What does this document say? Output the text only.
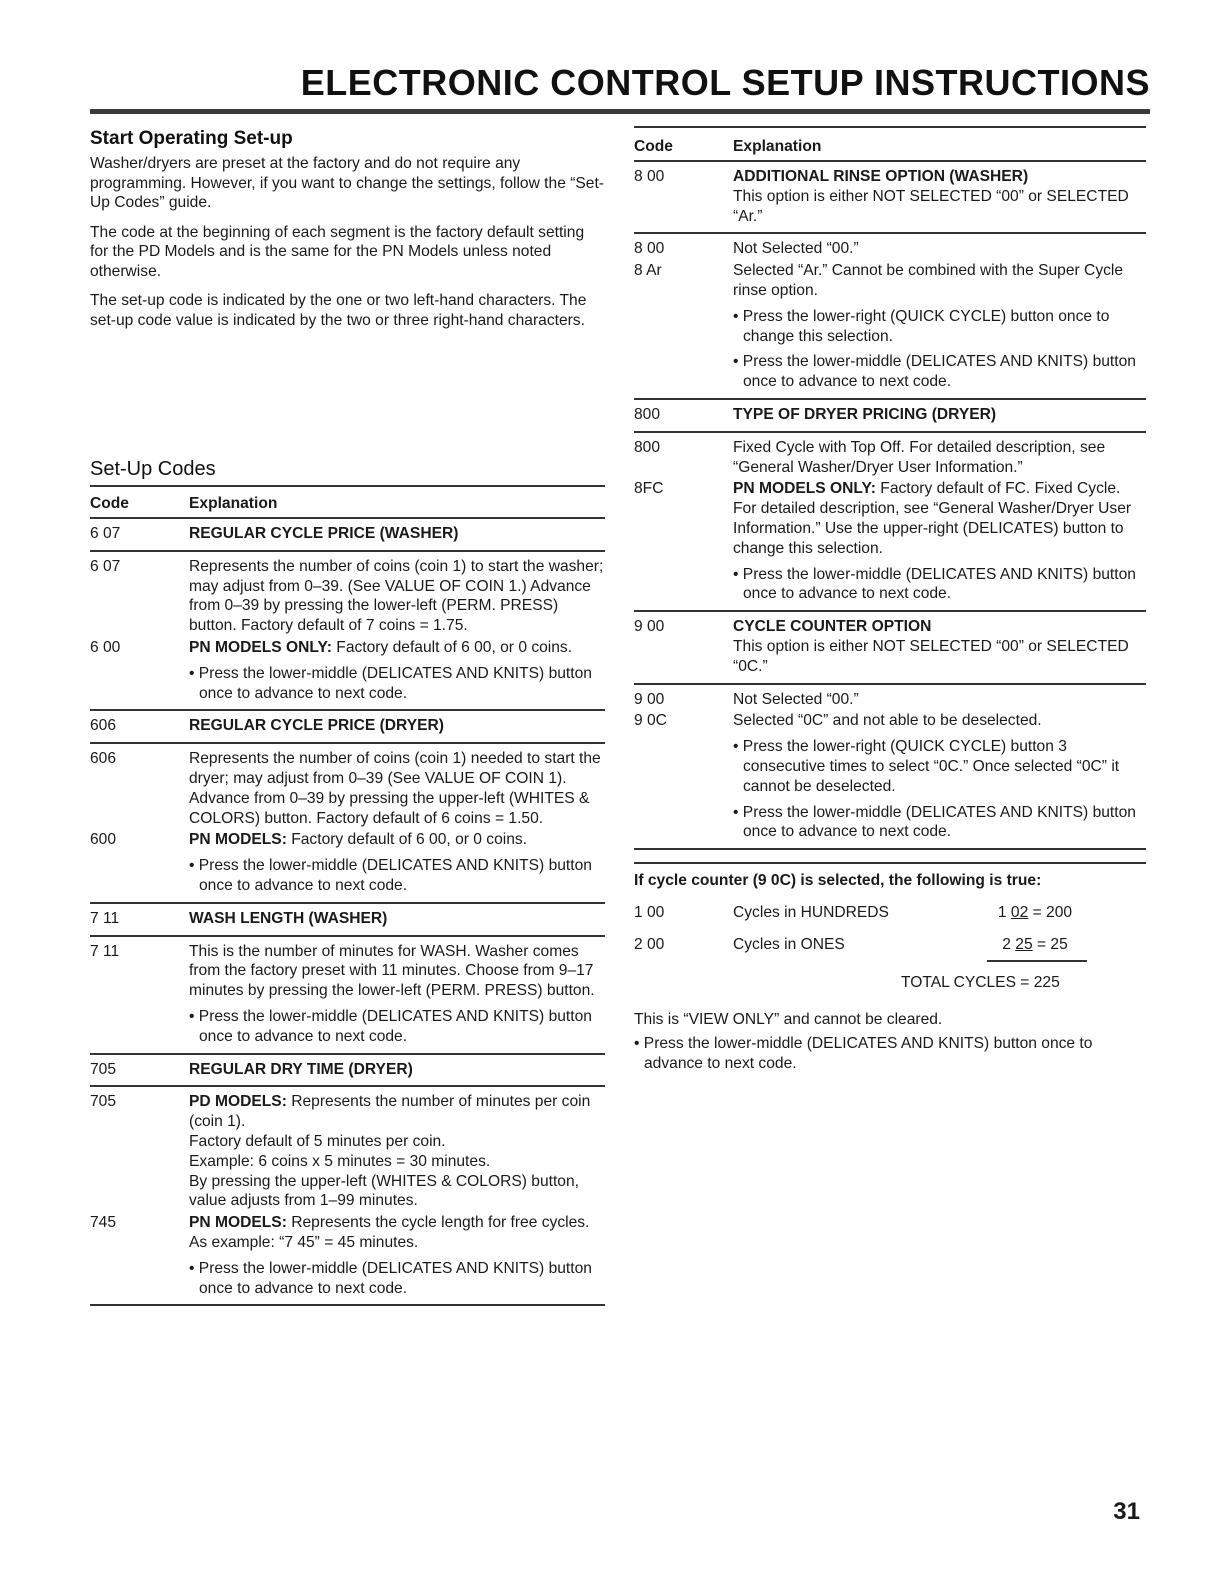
ELECTRONIC CONTROL SETUP INSTRUCTIONS
Start Operating Set-up

Washer/dryers are preset at the factory and do not require any programming. However, if you want to change the settings, follow the “Set-Up Codes” guide.

The code at the beginning of each segment is the factory default setting for the PD Models and is the same for the PN Models unless noted otherwise.

The set-up code is indicated by the one or two left-hand characters. The set-up code value is indicated by the two or three right-hand characters.

Set-Up Codes
Code	Explanation
6 07	REGULAR CYCLE PRICE (WASHER)
6 07	Represents the number of coins (coin 1) to start the washer; may adjust from 0–39. (See VALUE OF COIN 1.) Advance from 0–39 by pressing the lower-left (PERM. PRESS) button. Factory default of 7 coins = 1.75.
6 00	PN MODELS ONLY: Factory default of 6 00, or 0 coins.
• Press the lower-middle (DELICATES AND KNITS) button once to advance to next code.
606	REGULAR CYCLE PRICE (DRYER)
606	Represents the number of coins (coin 1) needed to start the dryer; may adjust from 0–39 (See VALUE OF COIN 1). Advance from 0–39 by pressing the upper-left (WHITES & COLORS) button. Factory default of 6 coins = 1.50.
600	PN MODELS: Factory default of 6 00, or 0 coins.
• Press the lower-middle (DELICATES AND KNITS) button once to advance to next code.
7 11	WASH LENGTH (WASHER)
7 11	This is the number of minutes for WASH. Washer comes from the factory preset with 11 minutes. Choose from 9–17 minutes by pressing the lower-left (PERM. PRESS) button.
• Press the lower-middle (DELICATES AND KNITS) button once to advance to next code.
705	REGULAR DRY TIME (DRYER)
705	PD MODELS: Represents the number of minutes per coin (coin 1).
Factory default of 5 minutes per coin.
Example: 6 coins x 5 minutes = 30 minutes.
By pressing the upper-left (WHITES & COLORS) button, value adjusts from 1–99 minutes.
745	PN MODELS: Represents the cycle length for free cycles. As example: “7 45” = 45 minutes.
• Press the lower-middle (DELICATES AND KNITS) button once to advance to next code.
Code	Explanation
8 00	ADDITIONAL RINSE OPTION (WASHER)
This option is either NOT SELECTED “00” or SELECTED “Ar.”
8 00	Not Selected “00.”
8 Ar	Selected “Ar.” Cannot be combined with the Super Cycle rinse option.
• Press the lower-right (QUICK CYCLE) button once to change this selection.
• Press the lower-middle (DELICATES AND KNITS) button once to advance to next code.
800	TYPE OF DRYER PRICING (DRYER)
800	Fixed Cycle with Top Off. For detailed description, see “General Washer/Dryer User Information.”
8FC	PN MODELS ONLY: Factory default of FC. Fixed Cycle. For detailed description, see “General Washer/Dryer User Information.” Use the upper-right (DELICATES) button to change this selection.
• Press the lower-middle (DELICATES AND KNITS) button once to advance to next code.
9 00	CYCLE COUNTER OPTION
This option is either NOT SELECTED “00” or SELECTED “0C.”
9 00	Not Selected “00.”
9 0C	Selected “0C” and not able to be deselected.
• Press the lower-right (QUICK CYCLE) button 3 consecutive times to select “0C.” Once selected “0C” it cannot be deselected.
• Press the lower-middle (DELICATES AND KNITS) button once to advance to next code.
If cycle counter (9 0C) is selected, the following is true:
1 00	Cycles in HUNDREDS	1 02 = 200
2 00	Cycles in ONES	2 25 = 25
TOTAL CYCLES = 225
This is “VIEW ONLY” and cannot be cleared.
• Press the lower-middle (DELICATES AND KNITS) button once to advance to next code.
31
